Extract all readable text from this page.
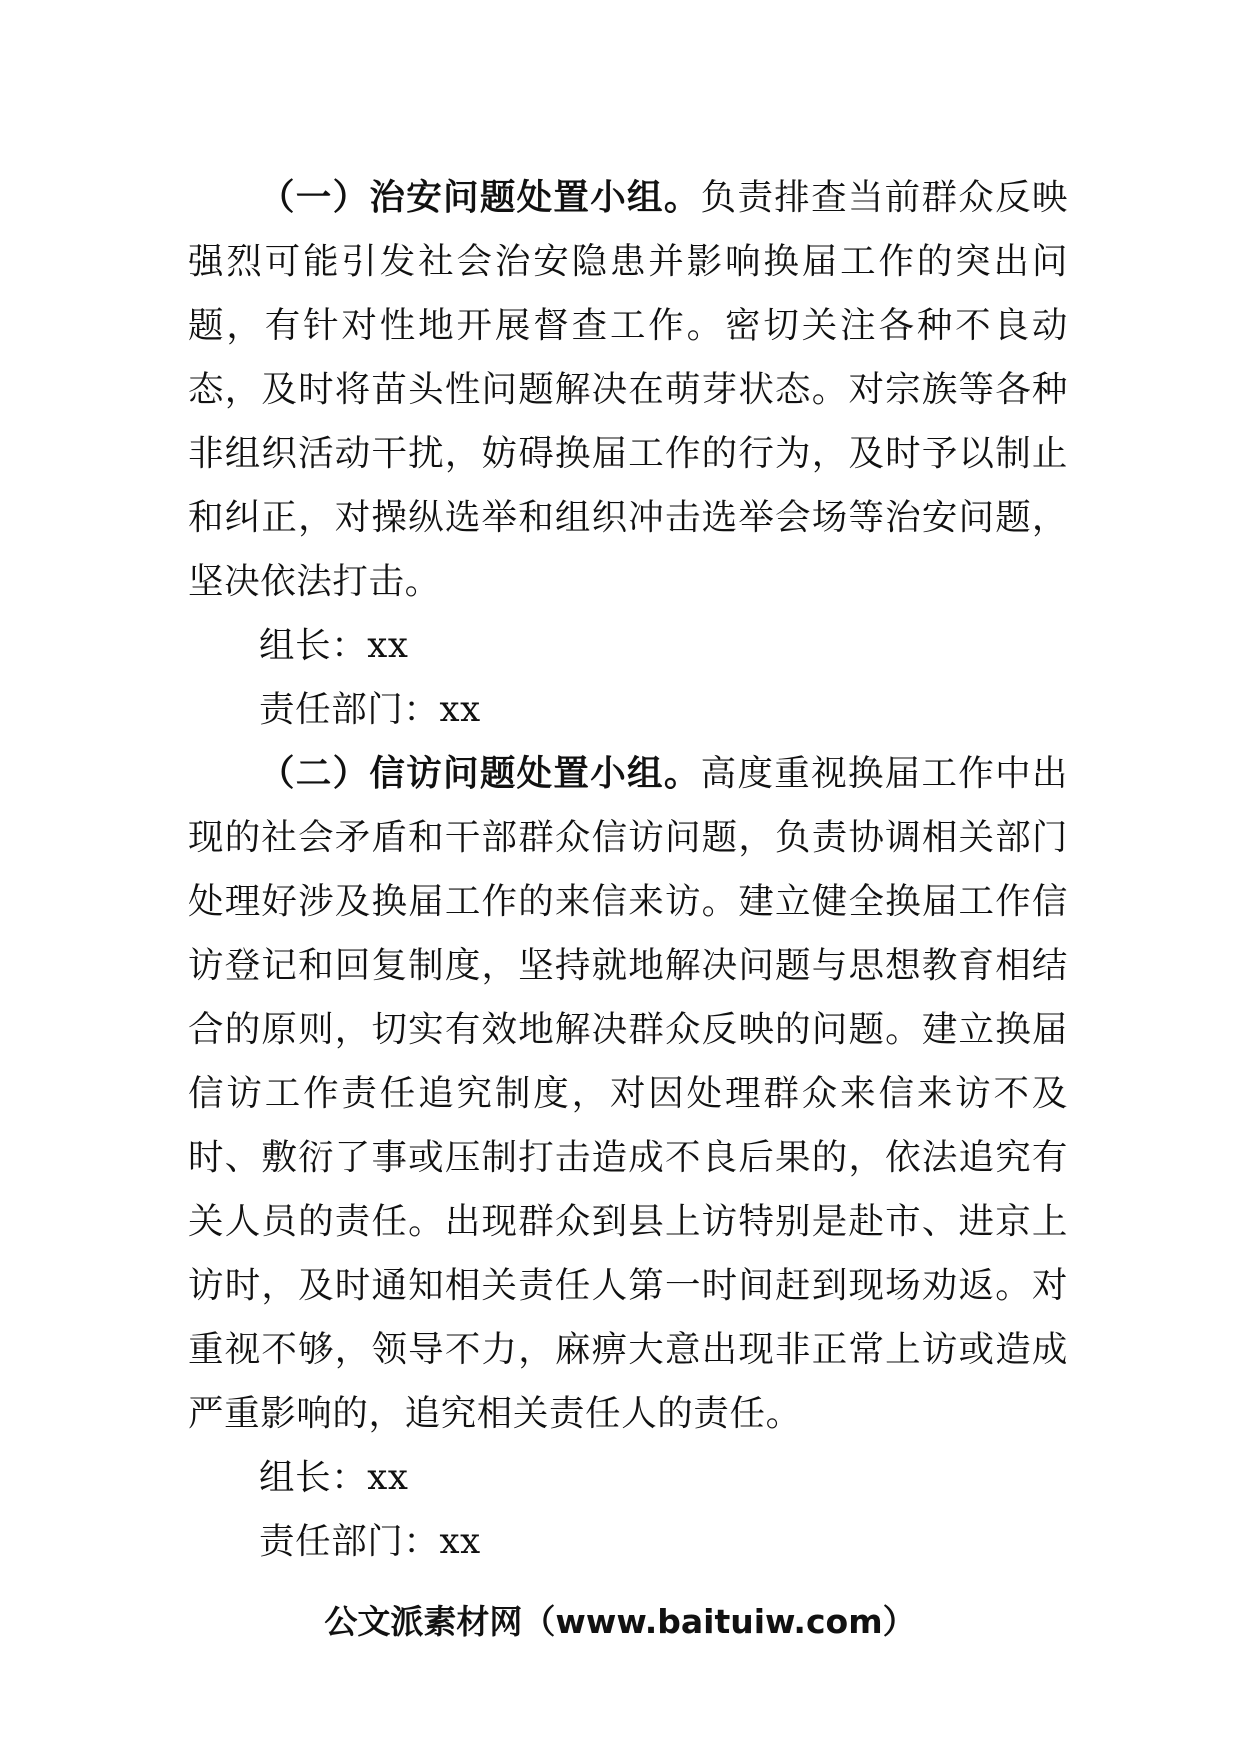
（一）治安问题处置小组。负责排查当前群众反映强烈可能引发社会治安隐患并影响换届工作的突出问题，有针对性地开展督查工作。密切关注各种不良动态，及时将苗头性问题解决在萌芽状态。对宗族等各种非组织活动干扰，妨碍换届工作的行为，及时予以制止和纠正，对操纵选举和组织冲击选举会场等治安问题，坚决依法打击。

组长：xx

责任部门：xx

（二）信访问题处置小组。高度重视换届工作中出现的社会矛盾和干部群众信访问题，负责协调相关部门处理好涉及换届工作的来信来访。建立健全换届工作信访登记和回复制度，坚持就地解决问题与思想教育相结合的原则，切实有效地解决群众反映的问题。建立换届信访工作责任追究制度，对因处理群众来信来访不及时、敷衍了事或压制打击造成不良后果的，依法追究有关人员的责任。出现群众到县上访特别是赴市、进京上访时，及时通知相关责任人第一时间赶到现场劝返。对重视不够，领导不力，麻痹大意出现非正常上访或造成严重影响的，追究相关责任人的责任。

组长：xx

责任部门：xx

公文派素材网（www.baituiw.com）
